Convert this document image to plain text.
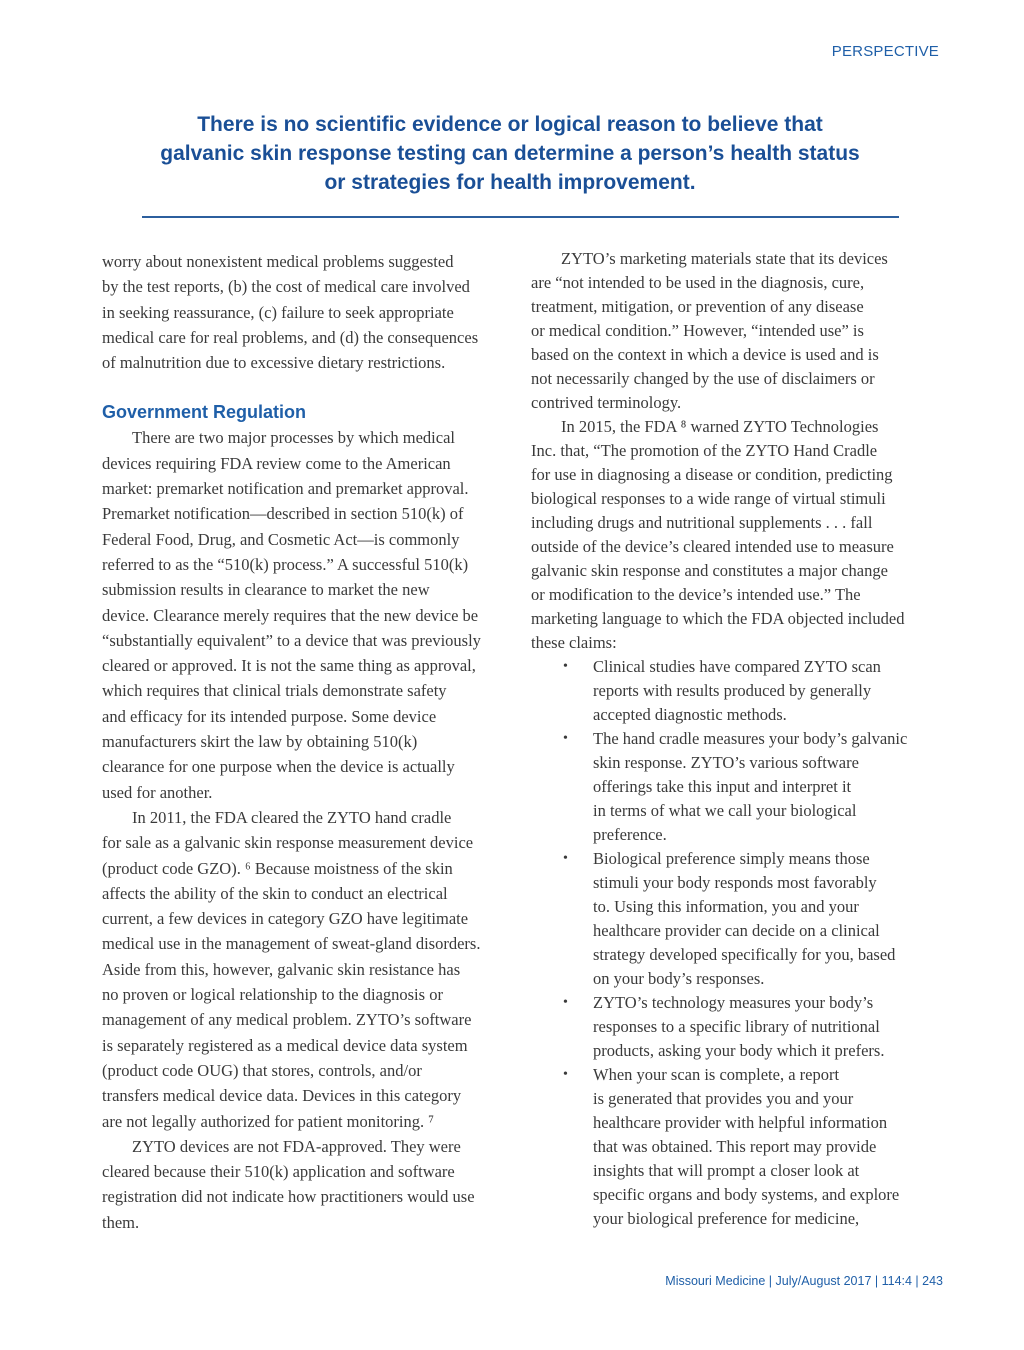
PERSPECTIVE
There is no scientific evidence or logical reason to believe that
galvanic skin response testing can determine a person’s health status
or strategies for health improvement.
worry about nonexistent medical problems suggested
by the test reports, (b) the cost of medical care involved
in seeking reassurance, (c) failure to seek appropriate
medical care for real problems, and (d) the consequences
of malnutrition due to excessive dietary restrictions.
Government Regulation
There are two major processes by which medical
devices requiring FDA review come to the American
market: premarket notification and premarket approval.
Premarket notification—described in section 510(k) of
Federal Food, Drug, and Cosmetic Act—is commonly
referred to as the “510(k) process.” A successful 510(k)
submission results in clearance to market the new
device. Clearance merely requires that the new device be
“substantially equivalent” to a device that was previously
cleared or approved. It is not the same thing as approval,
which requires that clinical trials demonstrate safety
and efficacy for its intended purpose. Some device
manufacturers skirt the law by obtaining 510(k)
clearance for one purpose when the device is actually
used for another.
In 2011, the FDA cleared the ZYTO hand cradle
for sale as a galvanic skin response measurement device
(product code GZO). ⁶ Because moistness of the skin
affects the ability of the skin to conduct an electrical
current, a few devices in category GZO have legitimate
medical use in the management of sweat-gland disorders.
Aside from this, however, galvanic skin resistance has
no proven or logical relationship to the diagnosis or
management of any medical problem. ZYTO’s software
is separately registered as a medical device data system
(product code OUG) that stores, controls, and/or
transfers medical device data. Devices in this category
are not legally authorized for patient monitoring. ⁷
ZYTO devices are not FDA-approved. They were
cleared because their 510(k) application and software
registration did not indicate how practitioners would use
them.
ZYTO’s marketing materials state that its devices
are “not intended to be used in the diagnosis, cure,
treatment, mitigation, or prevention of any disease
or medical condition.” However, “intended use” is
based on the context in which a device is used and is
not necessarily changed by the use of disclaimers or
contrived terminology.
In 2015, the FDA ⁸ warned ZYTO Technologies
Inc. that, “The promotion of the ZYTO Hand Cradle
for use in diagnosing a disease or condition, predicting
biological responses to a wide range of virtual stimuli
including drugs and nutritional supplements . . . fall
outside of the device’s cleared intended use to measure
galvanic skin response and constitutes a major change
or modification to the device’s intended use.” The
marketing language to which the FDA objected included
these claims:
• Clinical studies have compared ZYTO scan
reports with results produced by generally
accepted diagnostic methods.
• The hand cradle measures your body’s galvanic
skin response. ZYTO’s various software
offerings take this input and interpret it
in terms of what we call your biological
preference.
• Biological preference simply means those
stimuli your body responds most favorably
to. Using this information, you and your
healthcare provider can decide on a clinical
strategy developed specifically for you, based
on your body’s responses.
• ZYTO’s technology measures your body’s
responses to a specific library of nutritional
products, asking your body which it prefers.
• When your scan is complete, a report
is generated that provides you and your
healthcare provider with helpful information
that was obtained. This report may provide
insights that will prompt a closer look at
specific organs and body systems, and explore
your biological preference for medicine,
Missouri Medicine | July/August 2017 | 114:4 | 243
